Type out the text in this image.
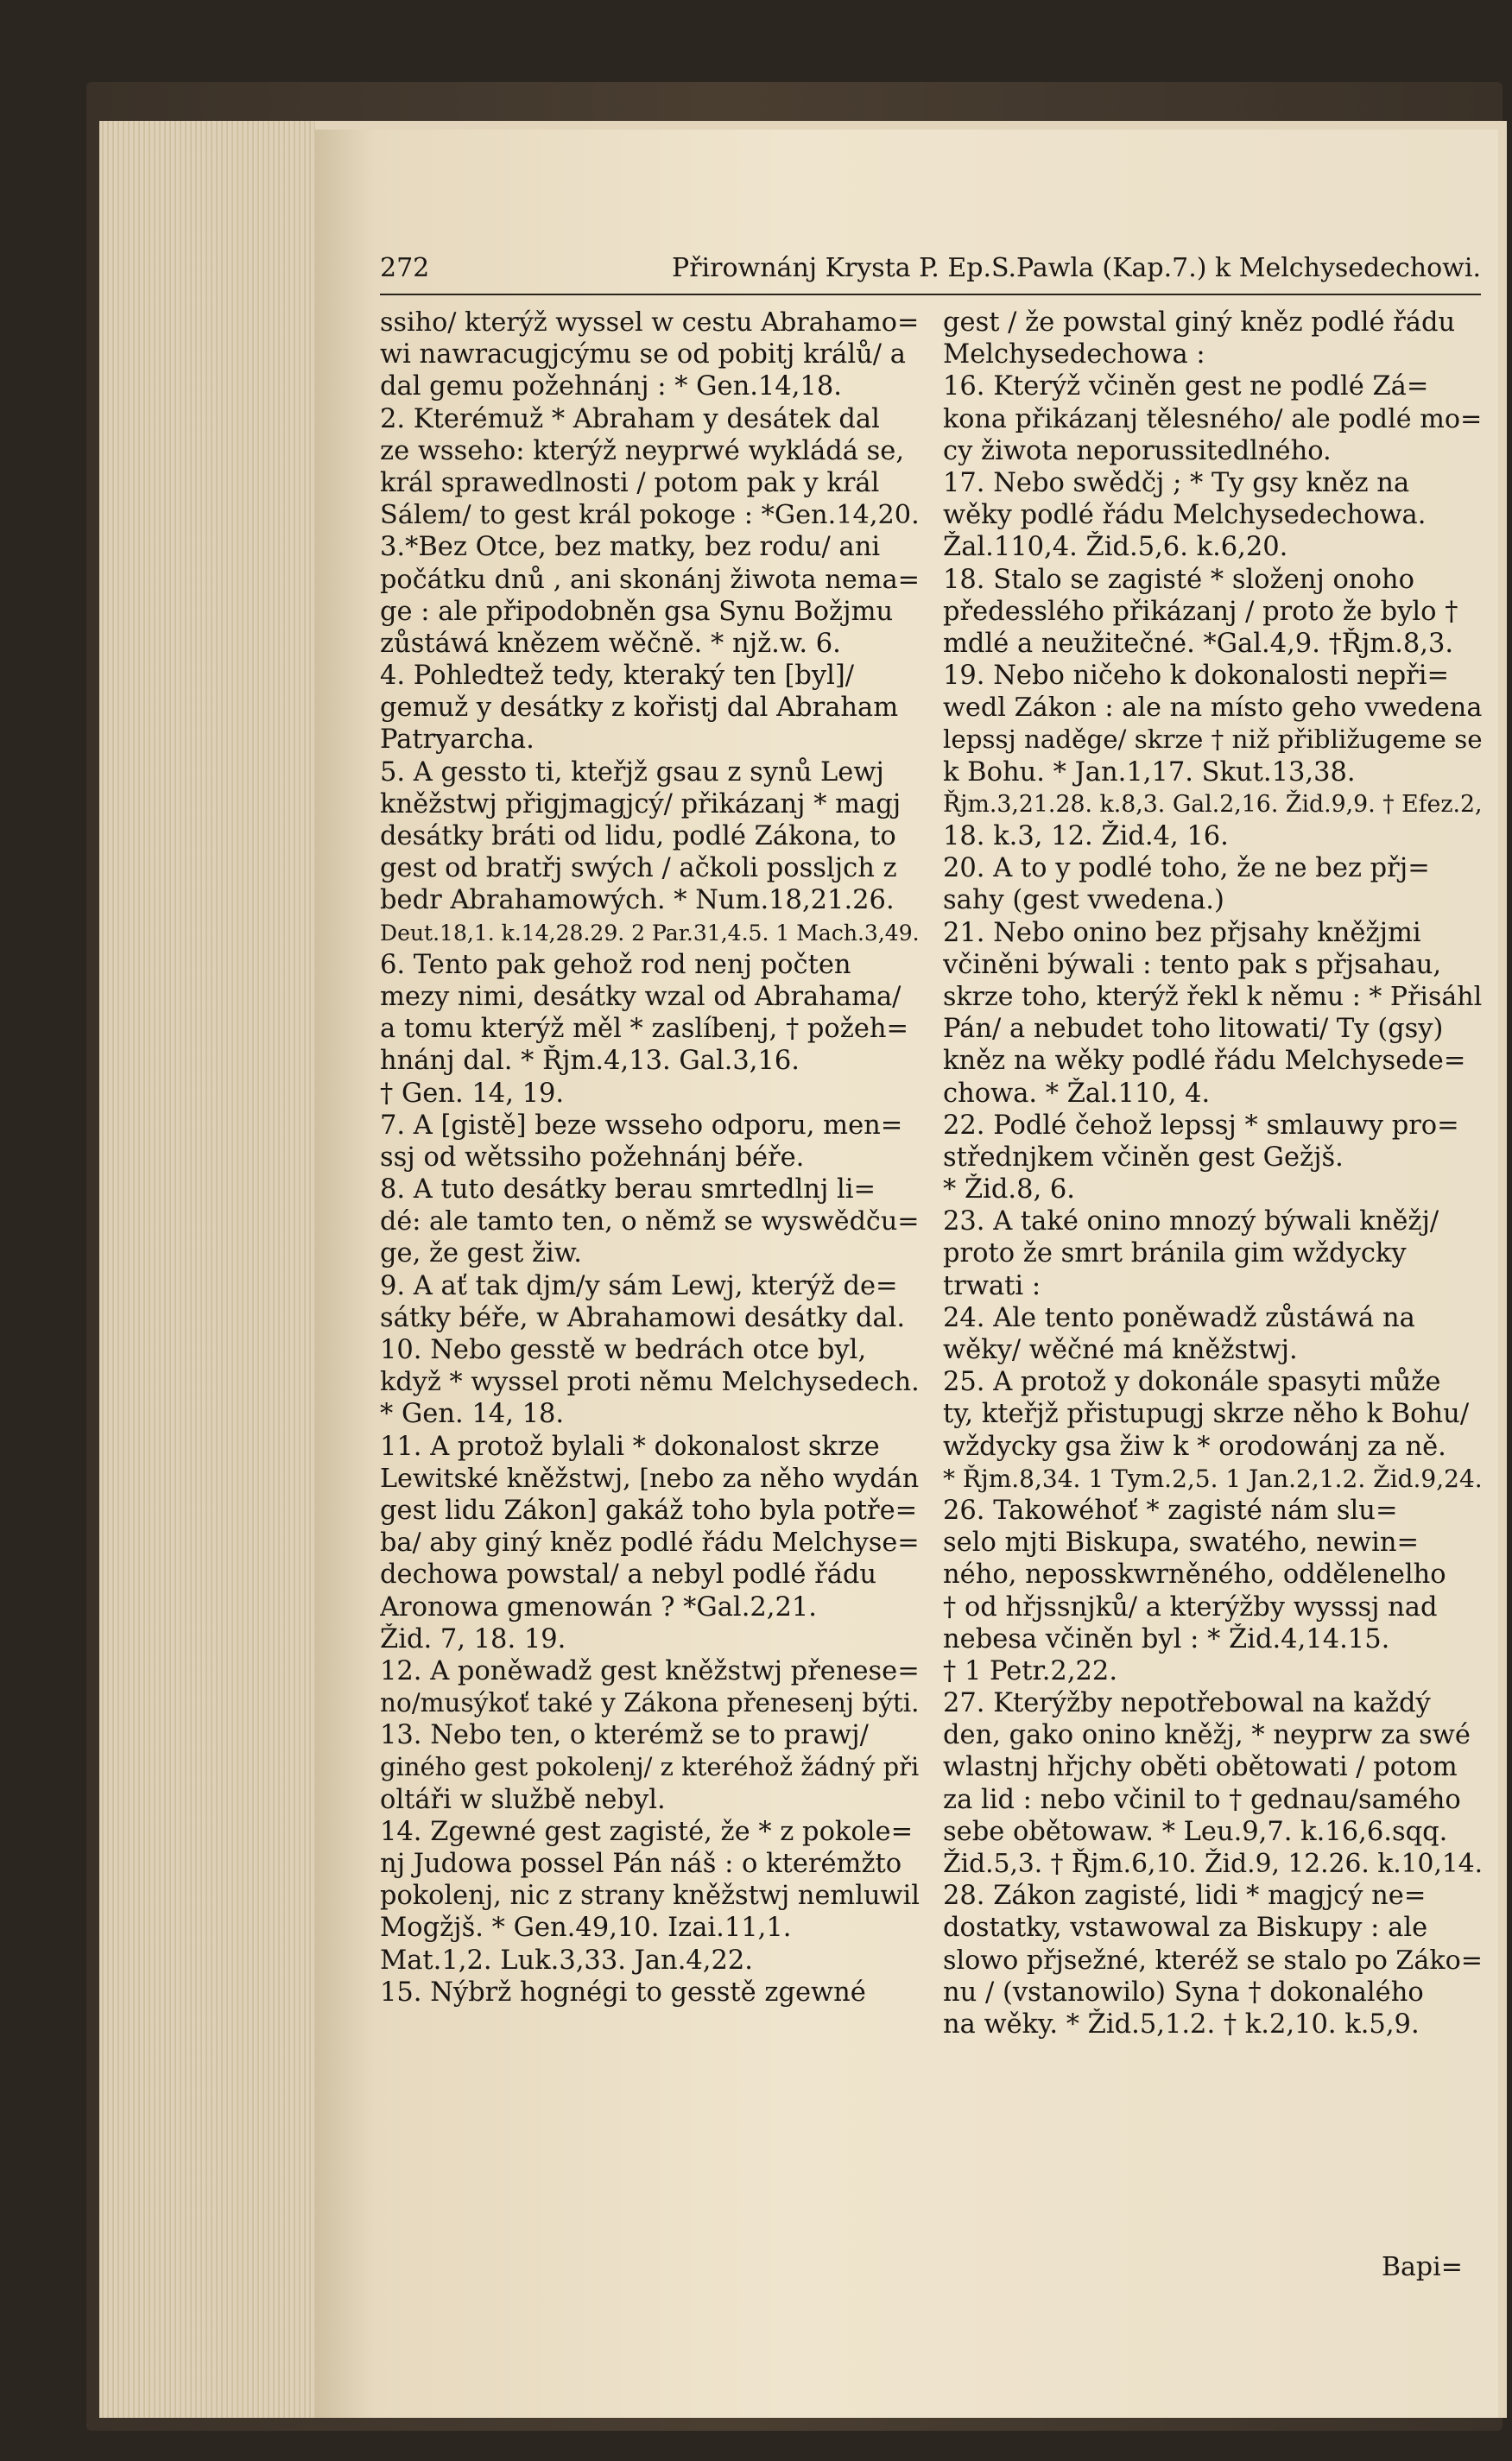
272	Přirownánj Krysta P. Ep.S.Pawla (Kap.7.) k Melchysedechowi.
ssiho/ kterýž wyssel w cestu Abrahamo=
wi nawracugjcýmu se od pobitj králů/ a
dal gemu požehnánj : * Gen.14,18.
2. Kterémuž * Abraham y desátek dal
ze wssehо: kterýž neyprwé wykládá se,
král sprawedlnosti / potom pak y král
Sálem/ to gest král pokoge : *Gen.14,20.
3.*Bez Otce, bez matky, bez rodu/ ani
počátku dnů , ani skonánj žiwota nema=
ge : ale připodobněn gsa Synu Božjmu
zůstáwá knězem wěčně. * njž.w. 6.
4. Pohledtež tedy, kteraký ten [byl]/
gemuž y desátky z kořistj dal Abraham
Patryarcha.
5. A gessto ti, kteřjž gsau z synů Lewj
kněžstwj přigjmagjcý/ přikázanj * magj
desátky bráti od lidu, podlé Zákona, to
gest od bratřj swých / ačkoli possljch z
bedr Abrahamowých. * Num.18,21.26.
Deut.18,1. k.14,28.29. 2 Par.31,4.5. 1 Mach.3,49.
6. Tento pak gehož rod nenj počten
mezy nimi, desátky wzal od Abrahama/
a tomu kterýž měl * zaslíbenj, † požeh=
hnánj dal. * Řjm.4,13. Gal.3,16.
† Gen. 14, 19.
7. A [gistě] beze wsseho odporu, men=
ssj od wětssiho požehnánj béře.
8. A tuto desátky berau smrtedlnj li=
dé: ale tamto ten, o němž se wyswědču=
ge, že gest žiw.
9. A ať tak djm/y sám Lewj, kterýž de=
sátky béře, w Abrahamowi desátky dal.
10. Nebo gesstě w bedrách otce byl,
když * wyssel proti němu Melchysedech.
* Gen. 14, 18.
11. A protož bylali * dokonalost skrze
Lewitské kněžstwj, [nebo za něho wydán
gest lidu Zákon] gakáž toho byla potře=
ba/ aby giný kněz podlé řádu Melchyse=
dechowa powstal/ a nebyl podlé řádu
Aronowa gmenowán ? *Gal.2,21.
Žid. 7, 18. 19.
12. A poněwadž gest kněžstwj přenese=
no/musýkoť také y Zákona přenesenj býti.
13. Nebo ten, o kterémž se to prawj/
giného gest pokolenj/ z kteréhož žádný při
oltáři w službě nebyl.
14. Zgewné gest zagisté, že * z pokole=
nj Judowa possel Pán náš : o kterémžto
pokolenj, nic z strany kněžstwj nemluwil
Mogžjš. * Gen.49,10. Izai.11,1.
Mat.1,2. Luk.3,33. Jan.4,22.
15. Nýbrž hognégi to gesstě zgewné
gest / že powstal giný kněz podlé řádu
Melchysedechowa :
16. Kterýž včiněn gest ne podlé Zá=
kona přikázanj tělesného/ ale podlé mo=
cy žiwota neporussitedlného.
17. Nebo swědčj ; * Ty gsy kněz na
wěky podlé řádu Melchysedechowa.
Žal.110,4. Žid.5,6. k.6,20.
18. Stalo se zagisté * složenj onoho
předesslého přikázanj / proto že bylo †
mdlé a neužitečné. *Gal.4,9. †Řjm.8,3.
19. Nebo ničeho k dokonalosti nepři=
wedl Zákon : ale na místo geho vwedena
lepssj naděge/ skrze † niž přibližugeme se
k Bohu. * Jan.1,17. Skut.13,38.
Řjm.3,21.28. k.8,3. Gal.2,16. Žid.9,9. † Efez.2,
18. k.3, 12. Žid.4, 16.
20. A to y podlé toho, že ne bez přj=
sahy (gest vwedena.)
21. Nebo onino bez přjsahy kněžjmi
včiněni býwali : tento pak s přjsahau,
skrze toho, kterýž řekl k němu : * Přisáhl
Pán/ a nebudet toho litowati/ Ty (gsy)
kněz na wěky podlé řádu Melchysede=
chowa. * Žal.110, 4.
22. Podlé čehož lepssj * smlauwy pro=
střednjkem včiněn gest Gežjš.
* Žid.8, 6.
23. A také onino mnozý býwali kněžj/
proto že smrt bránila gim wždycky
trwati :
24. Ale tento poněwadž zůstáwá na
wěky/ wěčné má kněžstwj.
25. A protož y dokonále spasyti může
ty, kteřjž přistupugj skrze něho k Bohu/
wždycky gsa žiw k * orodowánj za ně.
* Řjm.8,34. 1 Tym.2,5. 1 Jan.2,1.2. Žid.9,24.
26. Takowéhoť * zagisté nám slu=
selo mjti Biskupa, swatého, newin=
ného, neposskwrněného, oddělenelho
† od hřjssnjků/ a kterýžby wysssj nad
nebesa včiněn byl : * Žid.4,14.15.
† 1 Petr.2,22.
27. Kterýžby nepotřebowal na každý
den, gako onino kněžj, * neyprw za swé
wlastnj hřjchy oběti obětowati / potom
za lid : nebo včinil to † gednau/samého
sebe obětowaw. * Leu.9,7. k.16,6.sqq.
Žid.5,3. † Řjm.6,10. Žid.9, 12.26. k.10,14.
28. Zákon zagisté, lidi * magjcý ne=
dostatky, vstawowal za Biskupy : ale
slowo přjsežné, kteréž se stalo po Záko=
nu / (vstanowilo) Syna † dokonalého
na wěky. * Žid.5,1.2. † k.2,10. k.5,9.
Bapi=
